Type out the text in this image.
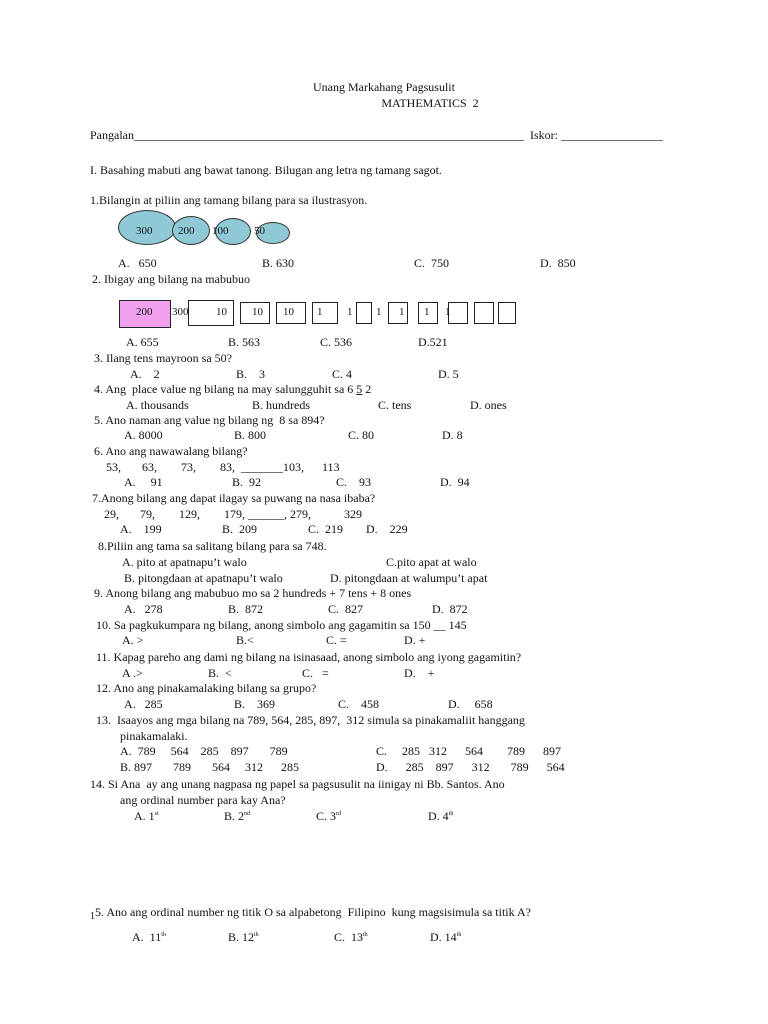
Unang Markahang Pagsusulit
MATHEMATICS  2
Pangalan_________________________________________________________________ Iskor: _________________
I. Basahing mabuti ang bawat tanong. Bilugan ang letra ng tamang sagot.
1.Bilangin at piliin ang tamang bilang para sa ilustrasyon.
300 200 100 50
A.   650	B. 630	C.  750	D.  850
2. Ibigay ang bilang na mabubuo
200 300	10 10 10 1 1 1 1 1 1
A. 655	B. 563	C. 536	D.521
3. Ilang tens mayroon sa 50?
A.    2	B.    3	C. 4	D. 5
4. Ang  place value ng bilang na may salungguhit sa 6 5 2
A. thousands	B. hundreds	C. tens	D. ones
5. Ano naman ang value ng bilang ng  8 sa 894?
A. 8000	B. 800	C. 80	D. 8
6. Ano ang nawawalang bilang?
53,       63,        73,        83,  _______103,      113
A.     91	B.  92	C.    93	D.  94
7.Anong bilang ang dapat ilagay sa puwang na nasa ibaba?
29,       79,        129,        179, ______, 279,           329
A.    199	B.  209	C.  219 D.    229
8.Piliin ang tama sa salitang bilang para sa 748.
A. pito at apatnapu’t walo	C.pito apat at walo
B. pitongdaan at apatnapu’t walo	D. pitongdaan at walumpu’t apat
9. Anong bilang ang mabubuo mo sa 2 hundreds + 7 tens + 8 ones
A.   278	B.  872	C.  827	D.  872
10. Sa pagkukumpara ng bilang, anong simbolo ang gagamitin sa 150 __ 145
A. >	B.<	C. =	D. +
11. Kapag pareho ang dami ng bilang na isinasaad, anong simbolo ang iyong gagamitin?
A .>	B.  <	C.   =	D.    +
12. Ano ang pinakamalaking bilang sa grupo?
A.   285	B.    369	C.    458	D.     658
13.  Isaayos ang mga bilang na 789, 564, 285, 897,  312 simula sa pinakamaliit hanggang
pinakamalaki.
A.  789     564    285    897       789	C.     285   312      564        789      897
B. 897       789       564     312      285	D.      285    897      312       789      564
14. Si Ana  ay ang unang nagpasa ng papel sa pagsusulit na iinigay ni Bb. Santos. Ano
ang ordinal number para kay Ana?
A. 1st	B. 2nd	C. 3rd	D. 4th
$_1$5. Ano ang ordinal number ng titik O sa alpabetong  Filipino  kung magsisimula sa titik A?
A.  11th	B. 12th	C.  13th	D. 14th
